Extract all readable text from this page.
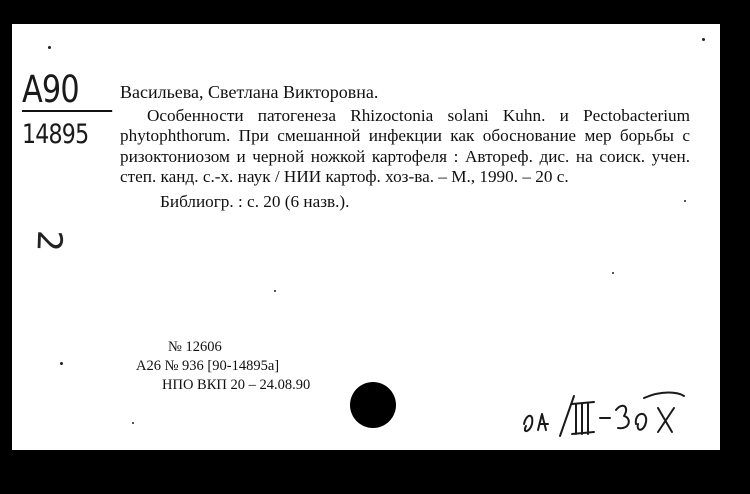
А90
14895
2

Васильева, Светлана Викторовна.

Особенности патогенеза Rhizoctonia solani Kuhn. и Pectobacterium phytophthorum. При смешанной инфекции как обоснование мер борьбы с ризоктониозом и черной ножкой картофеля : Автореф. дис. на соиск. учен. степ. канд. с.-х. наук / НИИ картоф. хоз-ва. – М., 1990. – 20 с.

Библиогр. : с. 20 (6 назв.).

№ 12606
А26 № 936 [90-14895а]
НПО ВКП 20 – 24.08.90
